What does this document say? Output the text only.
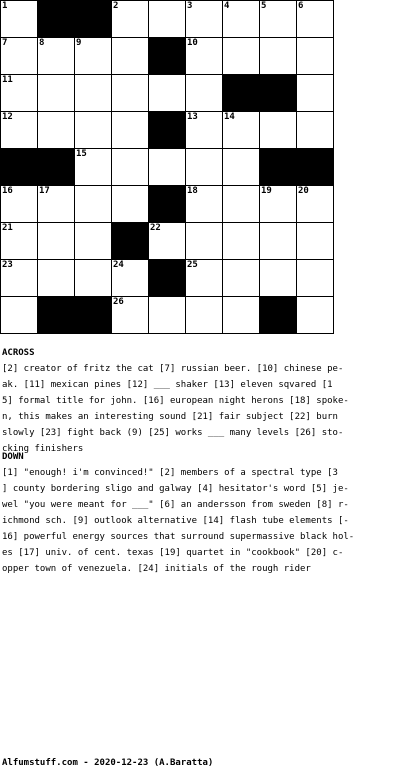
1	2	3	4	5	6
7	8	9	10
11
12	13	14
15
16	17	18	19	20
21	22
23	24	25
26
ACROSS
[2] creator of fritz the cat [7] russian beer. [10] chinese pe-
ak. [11] mexican pines [12] ___ shaker [13] eleven sqvared [1
5] formal title for john. [16] european night herons [18] spoke-
n, this makes an interesting sound [21] fair subject [22] burn
slowly [23] fight back (9) [25] works ___ many levels [26] sto-
cking finishers
DOWN
[1] "enough! i'm convinced!" [2] members of a spectral type [3
] county bordering sligo and galway [4] hesitator's word [5] je-
wel "you were meant for ___" [6] an andersson from sweden [8] r-
ichmond sch. [9] outlook alternative [14] flash tube elements [-
16] powerful energy sources that surround supermassive black hol-
es [17] univ. of cent. texas [19] quartet in "cookbook" [20] c-
opper town of venezuela. [24] initials of the rough rider
Alfumstuff.com - 2020-12-23 (A.Baratta)
